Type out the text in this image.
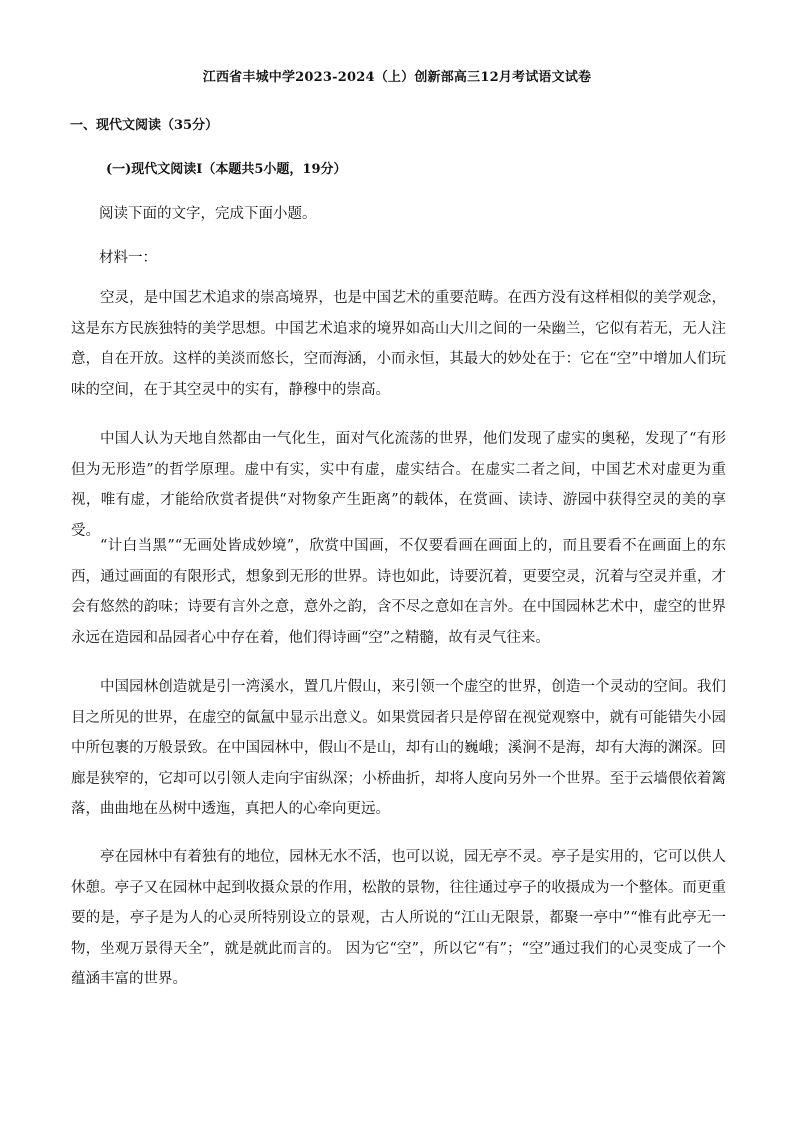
江西省丰城中学2023-2024（上）创新部高三12月考试语文试卷
一、现代文阅读（35分）
(一)现代文阅读Ⅰ（本题共5小题，19分）
阅读下面的文字，完成下面小题。
材料一：

空灵，是中国艺术追求的崇高境界，也是中国艺术的重要范畴。在西方没有这样相似的美学观念，这是东方民族独特的美学思想。中国艺术追求的境界如高山大川之间的一朵幽兰，它似有若无，无人注意，自在开放。这样的美淡而悠长，空而海涵，小而永恒，其最大的妙处在于：它在“空”中增加人们玩味的空间，在于其空灵中的实有，静穆中的崇高。

中国人认为天地自然都由一气化生，面对气化流荡的世界，他们发现了虚实的奥秘，发现了“有形但为无形造”的哲学原理。虚中有实，实中有虚，虚实结合。在虚实二者之间，中国艺术对虚更为重视，唯有虚，才能给欣赏者提供“对物象产生距离”的载体，在赏画、读诗、游园中获得空灵的美的享受。

“计白当黑”“无画处皆成妙境”，欣赏中国画，不仅要看画在画面上的，而且要看不在画面上的东西，通过画面的有限形式，想象到无形的世界。诗也如此，诗要沉着，更要空灵，沉着与空灵并重，才会有悠然的韵味；诗要有言外之意，意外之韵，含不尽之意如在言外。在中国园林艺术中，虚空的世界永远在造园和品园者心中存在着，他们得诗画“空”之精髓，故有灵气往来。

中国园林创造就是引一湾溪水，置几片假山，来引领一个虚空的世界，创造一个灵动的空间。我们目之所见的世界，在虚空的氤氲中显示出意义。如果赏园者只是停留在视觉观察中，就有可能错失小园中所包裹的万般景致。在中国园林中，假山不是山，却有山的巍峨；溪涧不是海，却有大海的渊深。回廊是狭窄的，它却可以引领人走向宇宙纵深；小桥曲折，却将人度向另外一个世界。至于云墙偎依着篱落，曲曲地在丛树中透迤，真把人的心牵向更远。

亭在园林中有着独有的地位，园林无水不活，也可以说，园无亭不灵。亭子是实用的，它可以供人休憩。亭子又在园林中起到收摄众景的作用，松散的景物，往往通过亭子的收摄成为一个整体。而更重要的是，亭子是为人的心灵所特别设立的景观，古人所说的“江山无限景，都聚一亭中”“惟有此亭无一物，坐观万景得天全”，就是就此而言的。 因为它“空”，所以它“有”；“空”通过我们的心灵变成了一个蕴涵丰富的世界。
